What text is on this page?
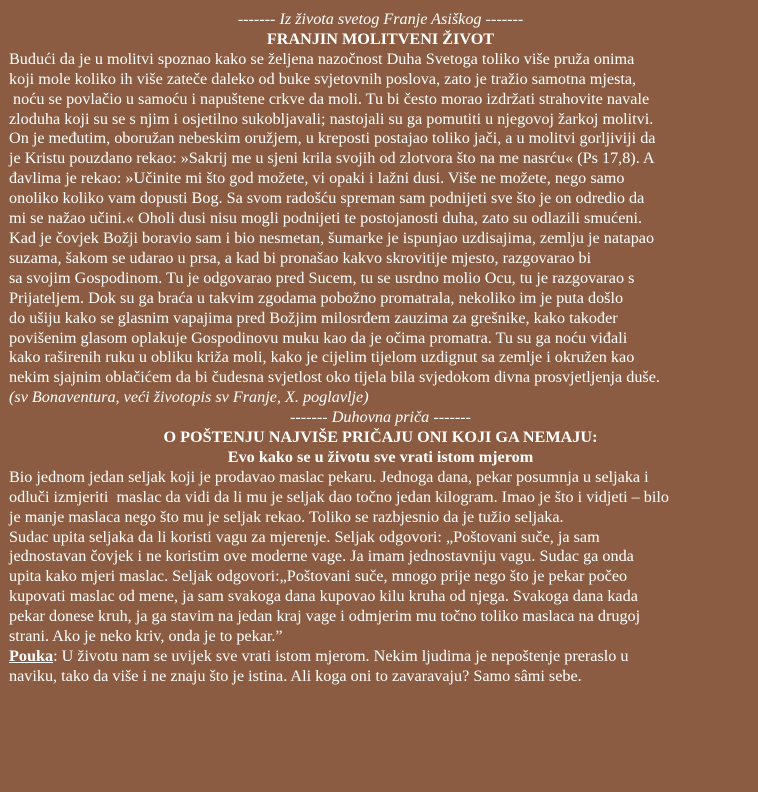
------- Iz života svetog Franje Asiškog -------
FRANJIN MOLITVENI ŽIVOT
Budući da je u molitvi spoznao kako se željena nazočnost Duha Svetoga toliko više pruža onima
koji mole koliko ih više zateče daleko od buke svjetovnih poslova, zato je tražio samotna mjesta,
noću se povlačio u samoću i napuštene crkve da moli. Tu bi često morao izdržati strahovite navale
zloduha koji su se s njim i osjetilno sukobljavali; nastojali su ga pomutiti u njegovoj žarkoj molitvi.
On je međutim, oboružan nebeskim oružjem, u kreposti postajao toliko jači, a u molitvi gorljiviji da
je Kristu pouzdano rekao: »Sakrij me u sjeni krila svojih od zlotvora što na me nasrću« (Ps 17,8). A
đavlima je rekao: »Učinite mi što god možete, vi opaki i lažni dusi. Više ne možete, nego samo
onoliko koliko vam dopusti Bog. Sa svom radošću spreman sam podnijeti sve što je on odredio da
mi se nažao učini.« Oholi dusi nisu mogli podnijeti te postojanosti duha, zato su odlazili smućeni.
Kad je čovjek Božji boravio sam i bio nesmetan, šumarke je ispunjao uzdisajima, zemlju je natapao
suzama, šakom se udarao u prsa, a kad bi pronašao kakvo skrovitije mjesto, razgovarao bi
sa svojim Gospodinom. Tu je odgovarao pred Sucem, tu se usrdno molio Ocu, tu je razgovarao s
Prijateljem. Dok su ga braća u takvim zgodama pobožno promatrala, nekoliko im je puta došlo
do ušiju kako se glasnim vapajima pred Božjim milosrđem zauzima za grešnike, kako također
povišenim glasom oplakuje Gospodinovu muku kao da je očima promatra. Tu su ga noću viđali
kako raširenih ruku u obliku križa moli, kako je cijelim tijelom uzdignut sa zemlje i okružen kao
nekim sjajnim oblačićem da bi čudesna svjetlost oko tijela bila svjedokom divna prosvjetljenja duše.
(sv Bonaventura, veći životopis sv Franje, X. poglavlje)
------- Duhovna priča -------
O POŠTENJU NAJVIŠE PRIČAJU ONI KOJI GA NEMAJU:
Evo kako se u životu sve vrati istom mjerom
Bio jednom jedan seljak koji je prodavao maslac pekaru. Jednoga dana, pekar posumnja u seljaka i
odluči izmjeriti  maslac da vidi da li mu je seljak dao točno jedan kilogram. Imao je što i vidjeti – bilo
je manje maslaca nego što mu je seljak rekao. Toliko se razbjesnio da je tužio seljaka.
Sudac upita seljaka da li koristi vagu za mjerenje. Seljak odgovori: „Poštovani suče, ja sam
jednostavan čovjek i ne koristim ove moderne vage. Ja imam jednostavniju vagu. Sudac ga onda
upita kako mjeri maslac. Seljak odgovori:„Poštovani suče, mnogo prije nego što je pekar počeo
kupovati maslac od mene, ja sam svakoga dana kupovao kilu kruha od njega. Svakoga dana kada
pekar donese kruh, ja ga stavim na jedan kraj vage i odmjerim mu točno toliko maslaca na drugoj
strani. Ako je neko kriv, onda je to pekar.”
Pouka: U životu nam se uvijek sve vrati istom mjerom. Nekim ljudima je nepoštenje preraslo u
naviku, tako da više i ne znaju što je istina. Ali koga oni to zavaravaju? Samo sâmi sebe.
